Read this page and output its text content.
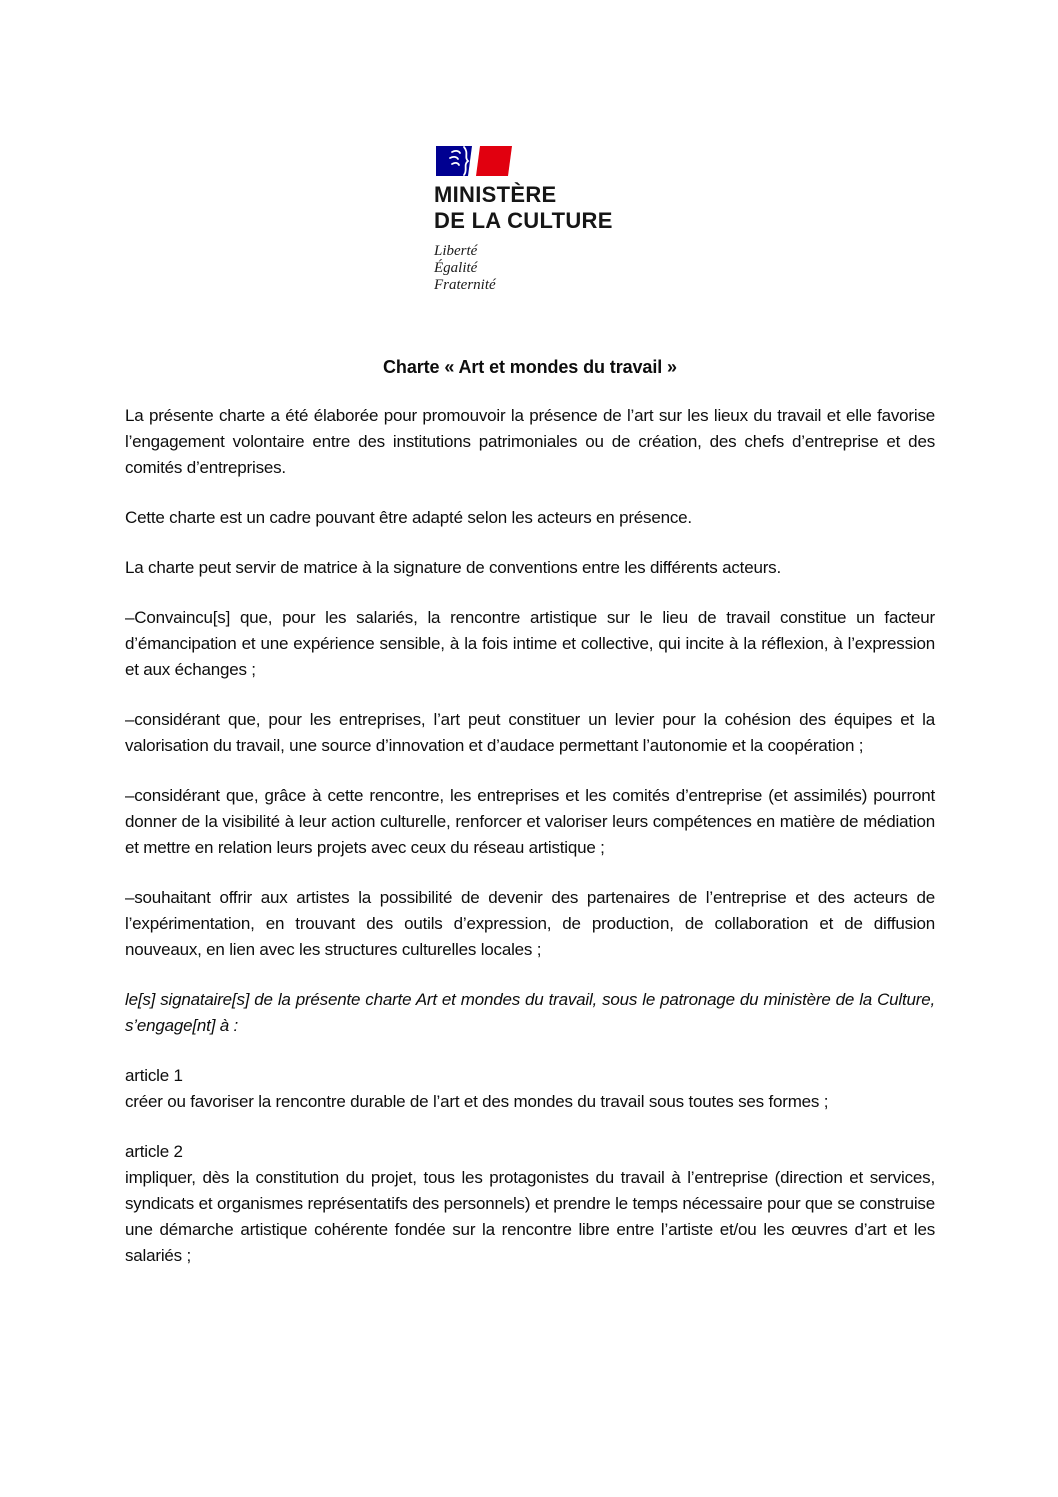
MINISTÈRE
DE LA CULTURE
Liberté
Égalité
Fraternité
Charte « Art et mondes du travail »

La présente charte a été élaborée pour promouvoir la présence de l’art sur les lieux du travail et elle favorise l’engagement volontaire entre des institutions patrimoniales ou de création, des chefs d’entreprise et des comités d’entreprises.

Cette charte est un cadre pouvant être adapté selon les acteurs en présence.

La charte peut servir de matrice à la signature de conventions entre les différents acteurs.

–Convaincu[s] que, pour les salariés, la rencontre artistique sur le lieu de travail constitue un facteur d’émancipation et une expérience sensible, à la fois intime et collective, qui incite à la réflexion, à l’expression et aux échanges ;

–considérant que, pour les entreprises, l’art peut constituer un levier pour la cohésion des équipes et la valorisation du travail, une source d’innovation et d’audace permettant l’autonomie et la coopération ;

–considérant que, grâce à cette rencontre, les entreprises et les comités d’entreprise (et assimilés) pourront donner de la visibilité à leur action culturelle, renforcer et valoriser leurs compétences en matière de médiation et mettre en relation leurs projets avec ceux du réseau artistique ;

–souhaitant offrir aux artistes la possibilité de devenir des partenaires de l’entreprise et des acteurs de l’expérimentation, en trouvant des outils d’expression, de production, de collaboration et de diffusion nouveaux, en lien avec les structures culturelles locales ;

le[s] signataire[s] de la présente charte Art et mondes du travail, sous le patronage du ministère de la Culture, s’engage[nt] à :

article 1
créer ou favoriser la rencontre durable de l’art et des mondes du travail sous toutes ses formes ;

article 2
impliquer, dès la constitution du projet, tous les protagonistes du travail à l’entreprise (direction et services, syndicats et organismes représentatifs des personnels) et prendre le temps nécessaire pour que se construise une démarche artistique cohérente fondée sur la rencontre libre entre l’artiste et/ou les œuvres d’art et les salariés ;
